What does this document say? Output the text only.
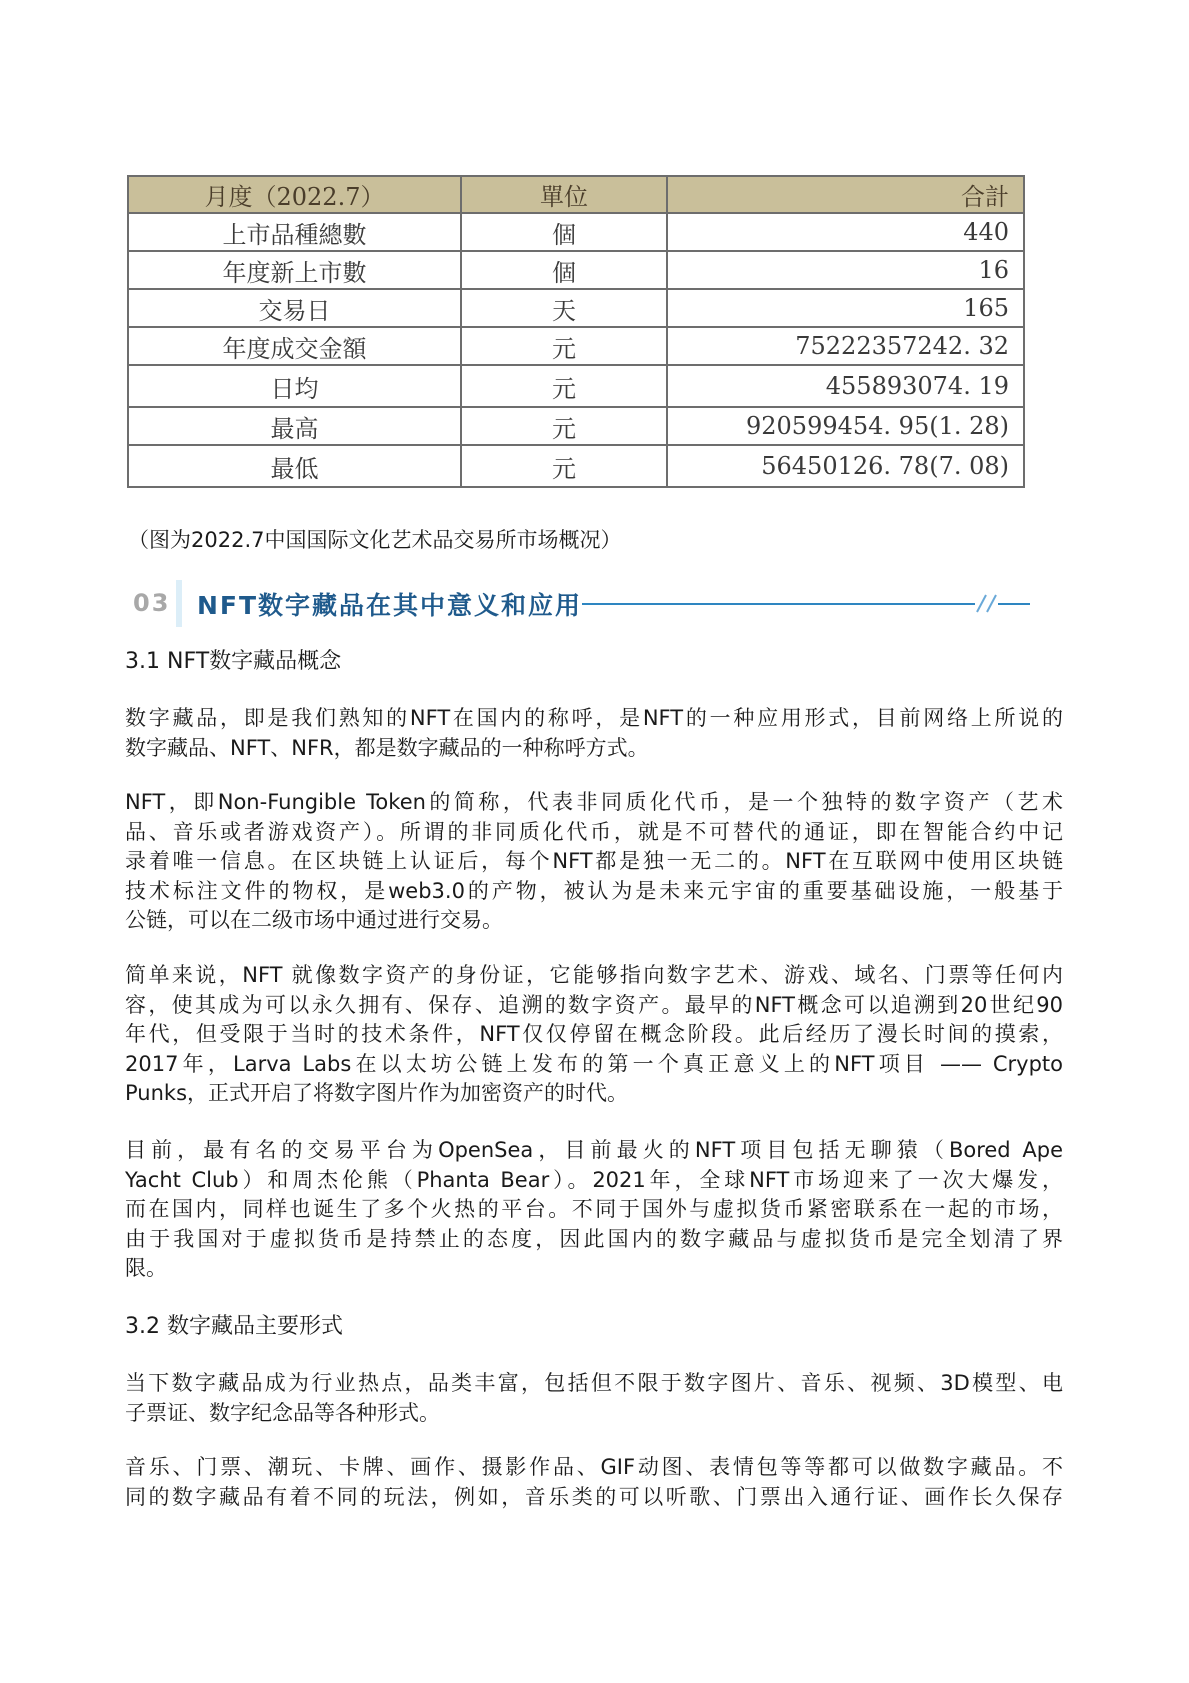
月度（2022.7）	單位	合計
上市品種總數	個	440
年度新上市數	個	16
交易日	天	165
年度成交金額	元	75222357242. 32
日均	元	455893074. 19
最高	元	920599454. 95(1. 28)
最低	元	56450126. 78(7. 08)
（图为2022.7中国国际文化艺术品交易所市场概况）
03 NFT数字藏品在其中意义和应用
3.1 NFT数字藏品概念
数字藏品，即是我们熟知的NFT在国内的称呼，是NFT的一种应用形式，目前网络上所说的
数字藏品、NFT、NFR，都是数字藏品的一种称呼方式。
NFT，即Non-Fungible Token的简称，代表非同质化代币，是一个独特的数字资产（艺术
品、音乐或者游戏资产）。所谓的非同质化代币，就是不可替代的通证，即在智能合约中记
录着唯一信息。在区块链上认证后，每个NFT都是独一无二的。NFT在互联网中使用区块链
技术标注文件的物权，是web3.0的产物，被认为是未来元宇宙的重要基础设施，一般基于
公链，可以在二级市场中通过进行交易。
简单来说，NFT 就像数字资产的身份证，它能够指向数字艺术、游戏、域名、门票等任何内
容，使其成为可以永久拥有、保存、追溯的数字资产。最早的NFT概念可以追溯到20世纪90
年代，但受限于当时的技术条件，NFT仅仅停留在概念阶段。此后经历了漫长时间的摸索，
2017年，Larva Labs在以太坊公链上发布的第一个真正意义上的NFT项目 —— Crypto
Punks，正式开启了将数字图片作为加密资产的时代。
目前，最有名的交易平台为OpenSea，目前最火的NFT项目包括无聊猿（Bored Ape
Yacht Club）和周杰伦熊（Phanta Bear）。2021年，全球NFT市场迎来了一次大爆发，
而在国内，同样也诞生了多个火热的平台。不同于国外与虚拟货币紧密联系在一起的市场，
由于我国对于虚拟货币是持禁止的态度，因此国内的数字藏品与虚拟货币是完全划清了界
限。
3.2 数字藏品主要形式
当下数字藏品成为行业热点，品类丰富，包括但不限于数字图片、音乐、视频、3D模型、电
子票证、数字纪念品等各种形式。
音乐、门票、潮玩、卡牌、画作、摄影作品、GIF动图、表情包等等都可以做数字藏品。不
同的数字藏品有着不同的玩法，例如，音乐类的可以听歌、门票出入通行证、画作长久保存
